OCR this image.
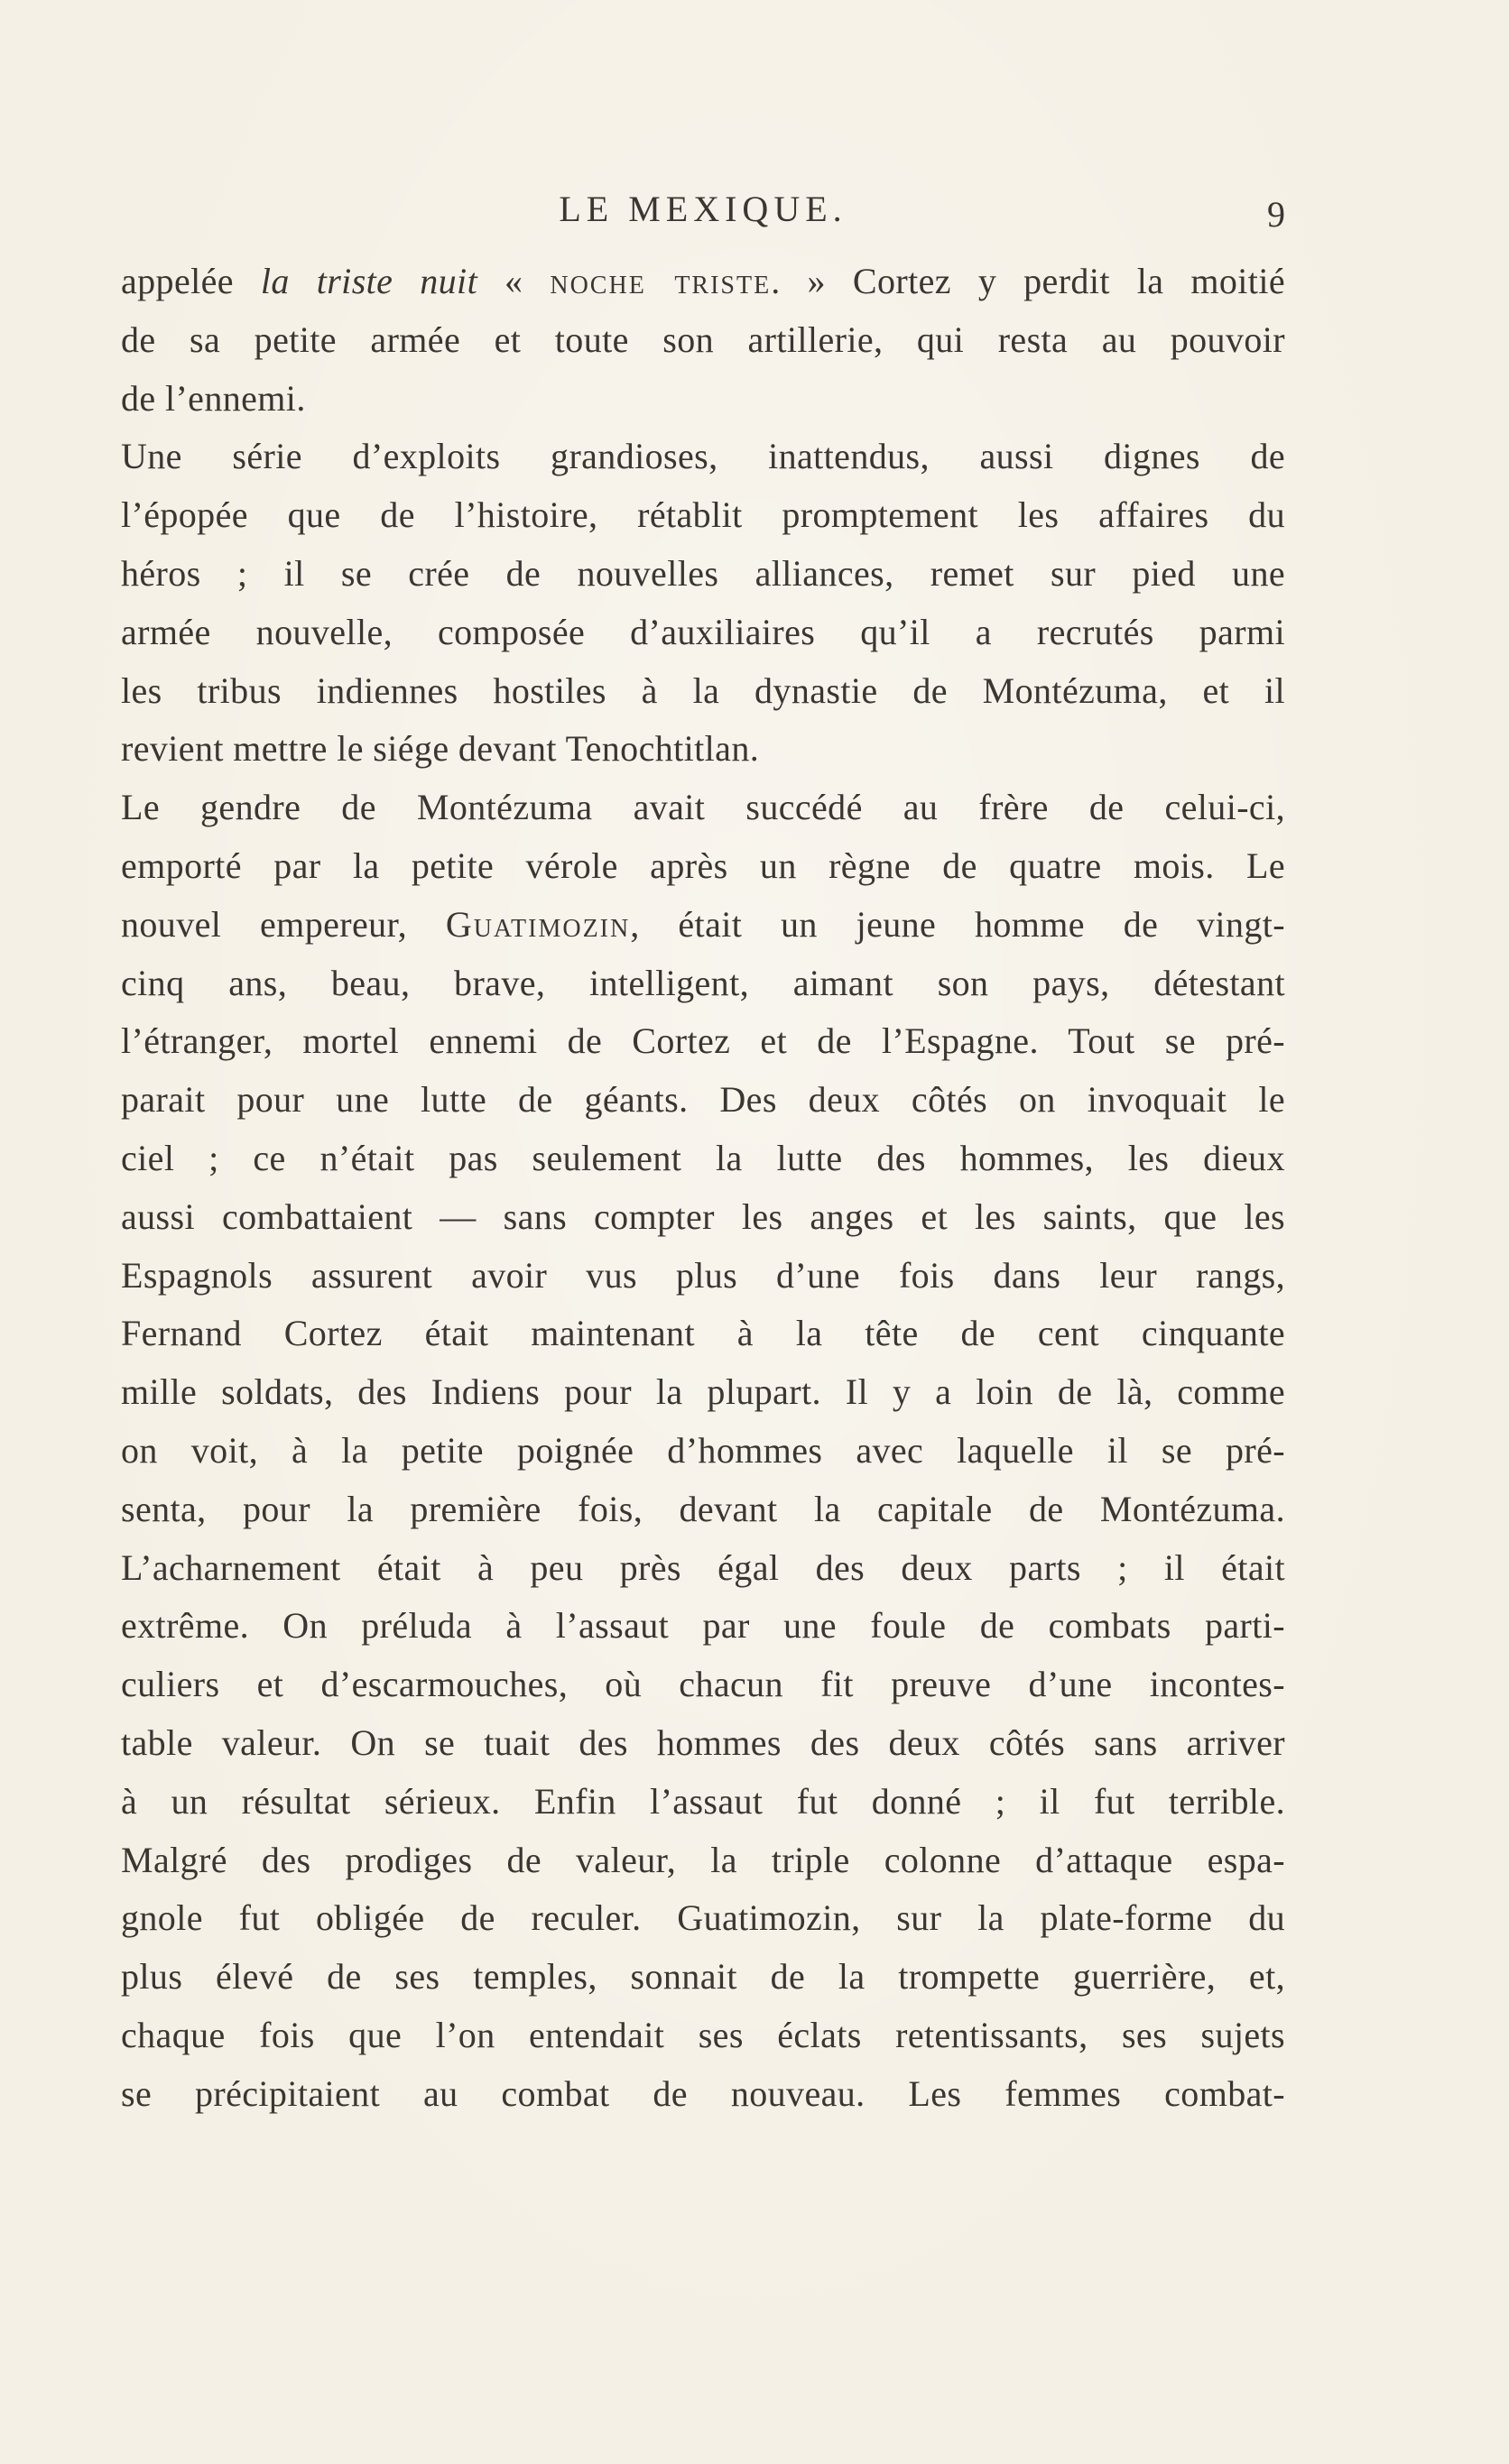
LE MEXIQUE.	9
appelée la triste nuit « noche triste. » Cortez y perdit la moitié
de sa petite armée et toute son artillerie, qui resta au pouvoir
de l’ennemi.
Une série d’exploits grandioses, inattendus, aussi dignes de
l’épopée que de l’histoire, rétablit promptement les affaires du
héros ; il se crée de nouvelles alliances, remet sur pied une
armée nouvelle, composée d’auxiliaires qu’il a recrutés parmi
les tribus indiennes hostiles à la dynastie de Montézuma, et il
revient mettre le siége devant Tenochtitlan.
Le gendre de Montézuma avait succédé au frère de celui-ci,
emporté par la petite vérole après un règne de quatre mois. Le
nouvel empereur, Guatimozin, était un jeune homme de vingt-
cinq ans, beau, brave, intelligent, aimant son pays, détestant
l’étranger, mortel ennemi de Cortez et de l’Espagne. Tout se pré-
parait pour une lutte de géants. Des deux côtés on invoquait le
ciel ; ce n’était pas seulement la lutte des hommes, les dieux
aussi combattaient — sans compter les anges et les saints, que les
Espagnols assurent avoir vus plus d’une fois dans leur rangs,
Fernand Cortez était maintenant à la tête de cent cinquante
mille soldats, des Indiens pour la plupart. Il y a loin de là, comme
on voit, à la petite poignée d’hommes avec laquelle il se pré-
senta, pour la première fois, devant la capitale de Montézuma.
L’acharnement était à peu près égal des deux parts ; il était
extrême. On préluda à l’assaut par une foule de combats parti-
culiers et d’escarmouches, où chacun fit preuve d’une incontes-
table valeur. On se tuait des hommes des deux côtés sans arriver
à un résultat sérieux. Enfin l’assaut fut donné ; il fut terrible.
Malgré des prodiges de valeur, la triple colonne d’attaque espa-
gnole fut obligée de reculer. Guatimozin, sur la plate-forme du
plus élevé de ses temples, sonnait de la trompette guerrière, et,
chaque fois que l’on entendait ses éclats retentissants, ses sujets
se précipitaient au combat de nouveau. Les femmes combat-
